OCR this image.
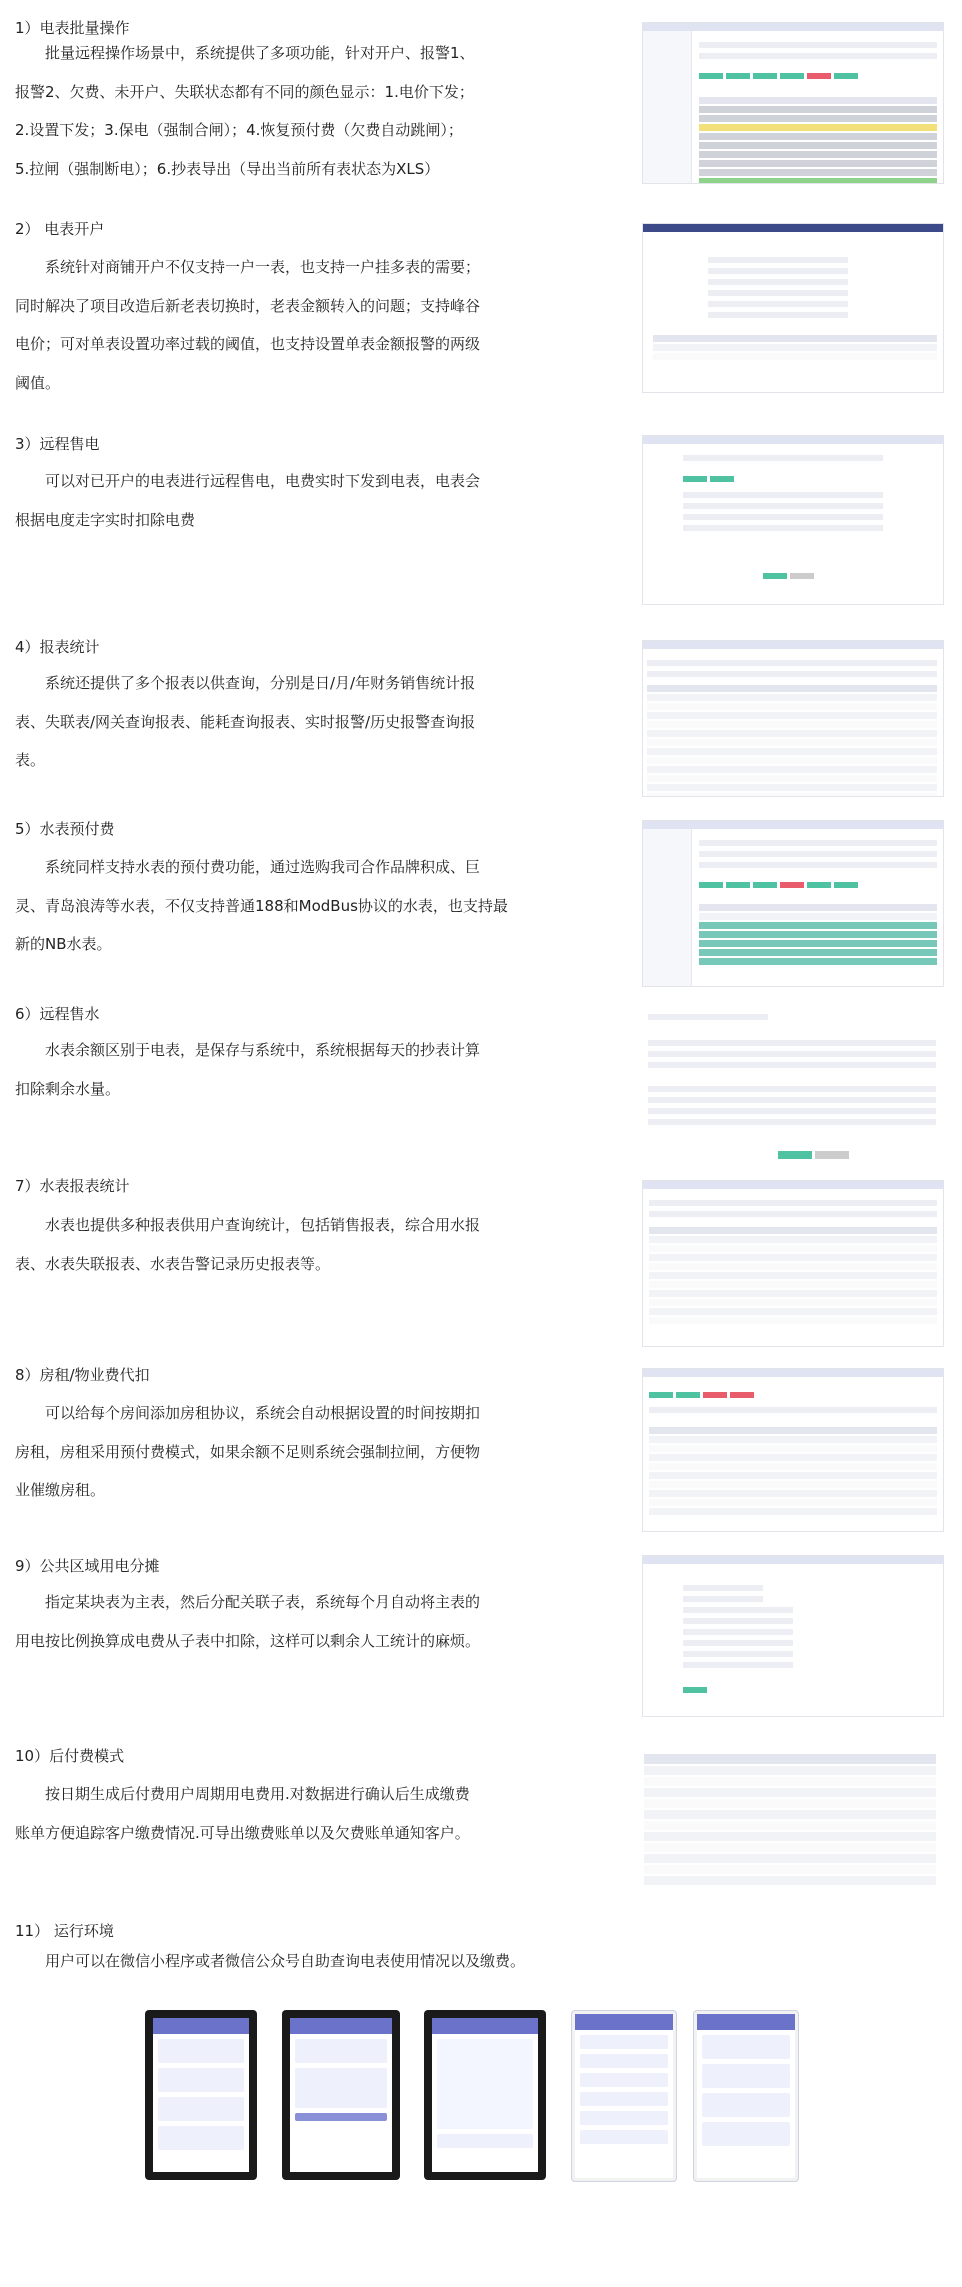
1）电表批量操作
批量远程操作场景中，系统提供了多项功能，针对开户、报警1、
报警2、欠费、未开户、失联状态都有不同的颜色显示：1.电价下发；
2.设置下发；3.保电（强制合闸）；4.恢复预付费（欠费自动跳闸）；
5.拉闸（强制断电）；6.抄表导出（导出当前所有表状态为XLS）
2） 电表开户
系统针对商铺开户不仅支持一户一表，也支持一户挂多表的需要；
同时解决了项目改造后新老表切换时，老表金额转入的问题；支持峰谷
电价；可对单表设置功率过载的阈值，也支持设置单表金额报警的两级
阈值。
3）远程售电
可以对已开户的电表进行远程售电，电费实时下发到电表，电表会
根据电度走字实时扣除电费
4）报表统计
系统还提供了多个报表以供查询，分别是日/月/年财务销售统计报
表、失联表/网关查询报表、能耗查询报表、实时报警/历史报警查询报
表。
5）水表预付费
系统同样支持水表的预付费功能，通过选购我司合作品牌积成、巨
灵、青岛浪涛等水表，不仅支持普通188和ModBus协议的水表，也支持最
新的NB水表。
6）远程售水
水表余额区别于电表，是保存与系统中，系统根据每天的抄表计算
扣除剩余水量。
7）水表报表统计
水表也提供多种报表供用户查询统计，包括销售报表，综合用水报
表、水表失联报表、水表告警记录历史报表等。
8）房租/物业费代扣
可以给每个房间添加房租协议，系统会自动根据设置的时间按期扣
房租，房租采用预付费模式，如果余额不足则系统会强制拉闸，方便物
业催缴房租。
9）公共区域用电分摊
指定某块表为主表，然后分配关联子表，系统每个月自动将主表的
用电按比例换算成电费从子表中扣除，这样可以剩余人工统计的麻烦。
10）后付费模式
按日期生成后付费用户周期用电费用.对数据进行确认后生成缴费
账单方便追踪客户缴费情况.可导出缴费账单以及欠费账单通知客户。
11） 运行环境
用户可以在微信小程序或者微信公众号自助查询电表使用情况以及缴费。
